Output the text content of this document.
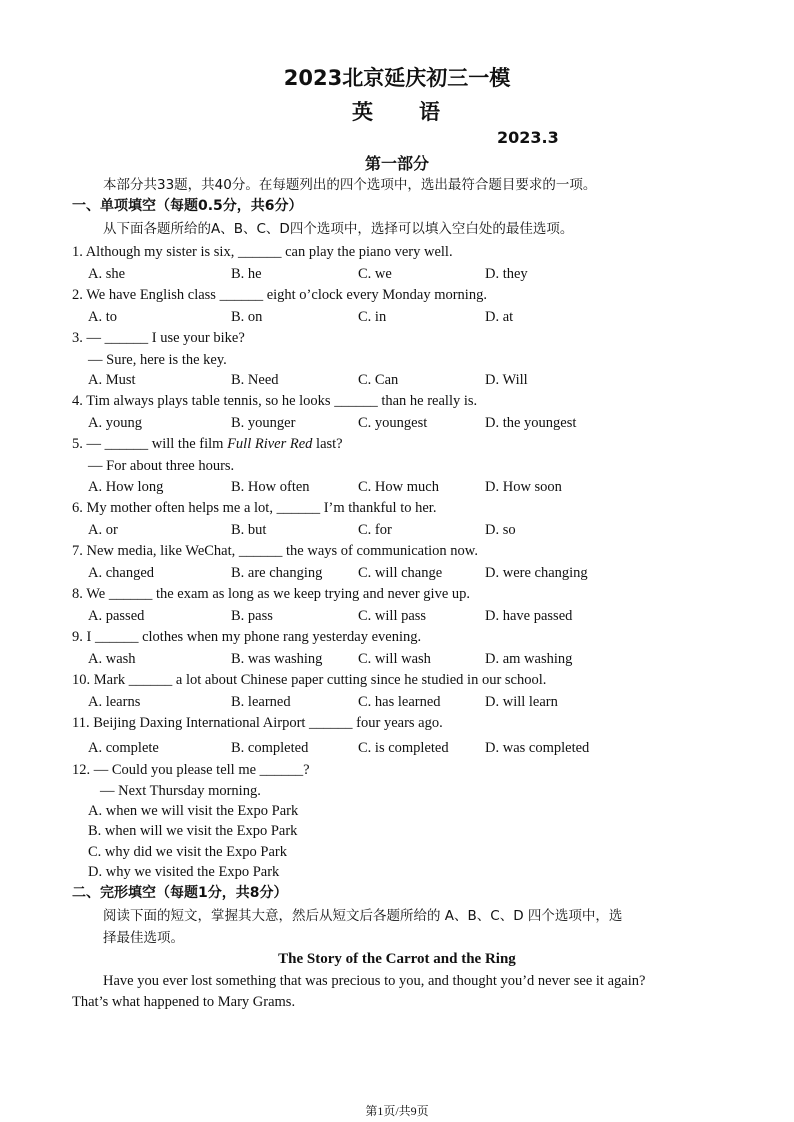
2023北京延庆初三一模
英 语
2023.3
第一部分
本部分共33题，共40分。在每题列出的四个选项中，选出最符合题目要求的一项。
一、单项填空（每题0.5分，共6分）
从下面各题所给的A、B、C、D四个选项中，选择可以填入空白处的最佳选项。
1. Although my sister is six, ______ can play the piano very well.
A. she	B. he	C. we	D. they
2. We have English class ______ eight o’clock every Monday morning.
A. to	B. on	C. in	D. at
3. — ______ I use your bike?
— Sure, here is the key.
A. Must	B. Need	C. Can	D. Will
4. Tim always plays table tennis, so he looks ______ than he really is.
A. young	B. younger	C. youngest	D. the youngest
5. — ______ will the film Full River Red last?
— For about three hours.
A. How long	B. How often	C. How much	D. How soon
6. My mother often helps me a lot, ______ I’m thankful to her.
A. or	B. but	C. for	D. so
7. New media, like WeChat, ______ the ways of communication now.
A. changed	B. are changing C. will change	D. were changing
8. We ______ the exam as long as we keep trying and never give up.
A. passed	B. pass	C. will pass	D. have passed
9. I ______ clothes when my phone rang yesterday evening.
A. wash	B. was washing C. will wash	D. am washing
10. Mark ______ a lot about Chinese paper cutting since he studied in our school.
A. learns	B. learned	C. has learned	D. will learn
11. Beijing Daxing International Airport ______ four years ago.
A. complete	B. completed	C. is completed	D. was completed
12. — Could you please tell me ______?
— Next Thursday morning.
A. when we will visit the Expo Park
B. when will we visit the Expo Park
C. why did we visit the Expo Park
D. why we visited the Expo Park
二、完形填空（每题1分，共8分）
阅读下面的短文，掌握其大意，然后从短文后各题所给的 A、B、C、D 四个选项中，选
择最佳选项。
The Story of the Carrot and the Ring
Have you ever lost something that was precious to you, and thought you’d never see it again?
That’s what happened to Mary Grams.
第1页/共9页
